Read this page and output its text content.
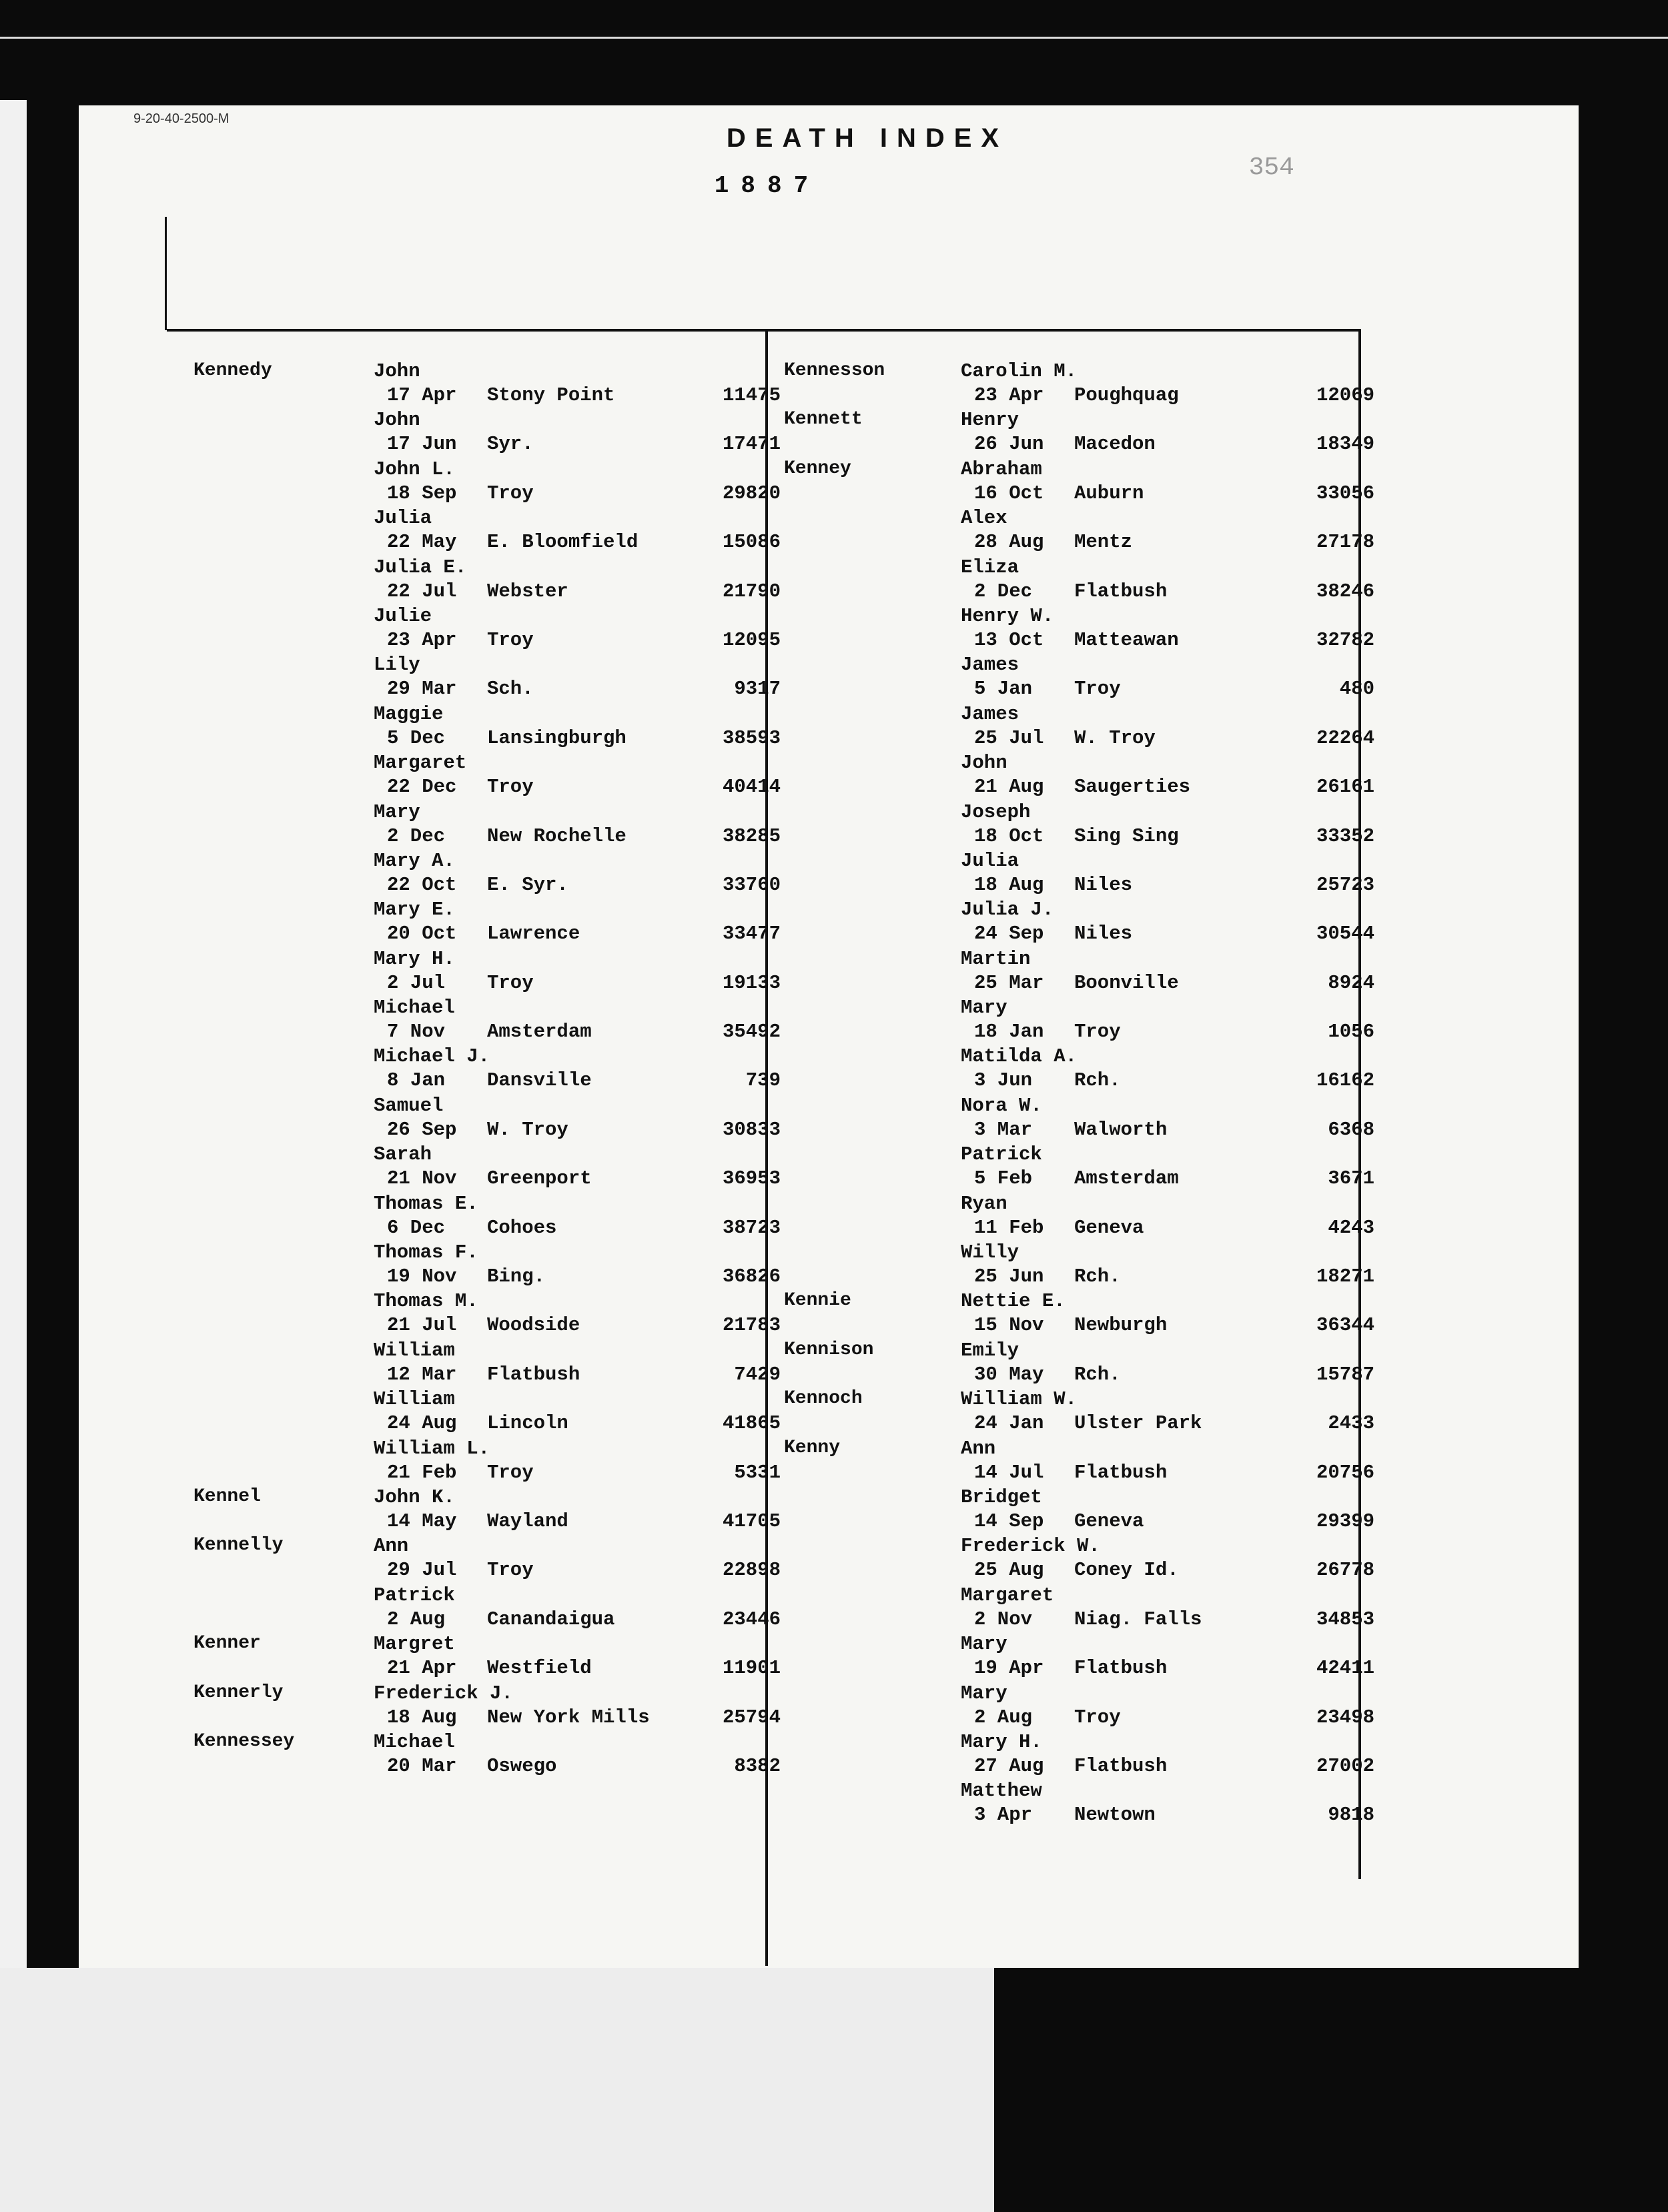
9-20-40-2500-M
DEATH INDEX
1887
354
Kennedy	John
17 Apr	Stony Point	11475
John
17 Jun	Syr.	17471
John L.
18 Sep	Troy	29820
Julia
22 May	E. Bloomfield	15086
Julia E.
22 Jul	Webster	21790
Julie
23 Apr	Troy	12095
Lily
29 Mar	Sch.	9317
Maggie
5 Dec	Lansingburgh	38593
Margaret
22 Dec	Troy	40414
Mary
2 Dec	New Rochelle	38285
Mary A.
22 Oct	E. Syr.	33760
Mary E.
20 Oct	Lawrence	33477
Mary H.
2 Jul	Troy	19133
Michael
7 Nov	Amsterdam	35492
Michael J.
8 Jan	Dansville	739
Samuel
26 Sep	W. Troy	30833
Sarah
21 Nov	Greenport	36953
Thomas E.
6 Dec	Cohoes	38723
Thomas F.
19 Nov	Bing.	36826
Thomas M.
21 Jul	Woodside	21783
William
12 Mar	Flatbush	7429
William
24 Aug	Lincoln	41865
William L.
21 Feb	Troy	5331
Kennel	John K.
14 May	Wayland	41705
Kennelly	Ann
29 Jul	Troy	22898
Patrick
2 Aug	Canandaigua	23446
Kenner	Margret
21 Apr	Westfield	11901
Kennerly	Frederick J.
18 Aug	New York Mills	25794
Kennessey	Michael
20 Mar	Oswego	8382
Kennesson	Carolin M.
23 Apr	Poughquag	12069
Kennett	Henry
26 Jun	Macedon	18349
Kenney	Abraham
16 Oct	Auburn	33056
Alex
28 Aug	Mentz	27178
Eliza
2 Dec	Flatbush	38246
Henry W.
13 Oct	Matteawan	32782
James
5 Jan	Troy	480
James
25 Jul	W. Troy	22264
John
21 Aug	Saugerties	26161
Joseph
18 Oct	Sing Sing	33352
Julia
18 Aug	Niles	25723
Julia J.
24 Sep	Niles	30544
Martin
25 Mar	Boonville	8924
Mary
18 Jan	Troy	1056
Matilda A.
3 Jun	Rch.	16162
Nora W.
3 Mar	Walworth	6368
Patrick
5 Feb	Amsterdam	3671
Ryan
11 Feb	Geneva	4243
Willy
25 Jun	Rch.	18271
Kennie	Nettie E.
15 Nov	Newburgh	36344
Kennison	Emily
30 May	Rch.	15787
Kennoch	William W.
24 Jan	Ulster Park	2433
Kenny	Ann
14 Jul	Flatbush	20756
Bridget
14 Sep	Geneva	29399
Frederick W.
25 Aug	Coney Id.	26778
Margaret
2 Nov	Niag. Falls	34853
Mary
19 Apr	Flatbush	42411
Mary
2 Aug	Troy	23498
Mary H.
27 Aug	Flatbush	27002
Matthew
3 Apr	Newtown	9818
